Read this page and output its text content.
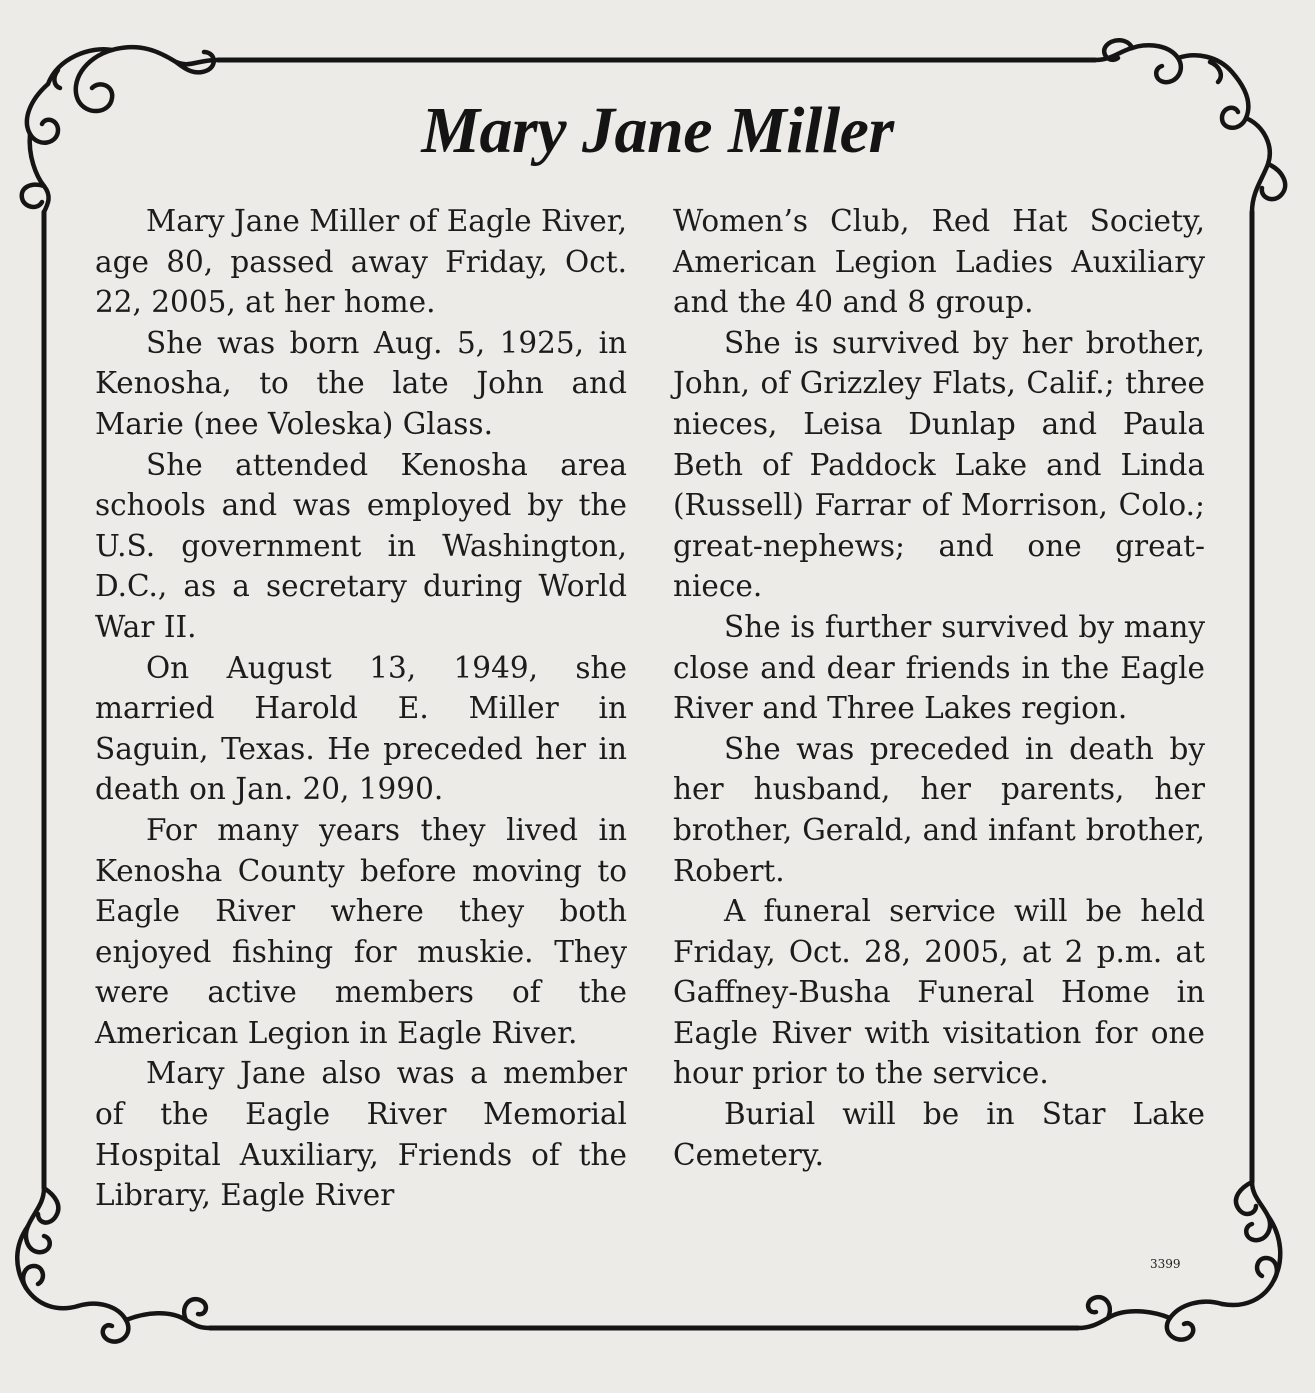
Mary Jane Miller

Mary Jane Miller of Eagle River, age 80, passed away Friday, Oct. 22, 2005, at her home.

She was born Aug. 5, 1925, in Kenosha, to the late John and Marie (nee Voleska) Glass.

She attended Kenosha area schools and was employed by the U.S. government in Washington, D.C., as a secretary during World War II.

On August 13, 1949, she married Harold E. Miller in Saguin, Texas. He preceded her in death on Jan. 20, 1990.

For many years they lived in Kenosha County before moving to Eagle River where they both enjoyed fishing for muskie. They were active members of the American Legion in Eagle River.

Mary Jane also was a member of the Eagle River Memorial Hospital Auxiliary, Friends of the Library, Eagle River

Women’s Club, Red Hat Society, American Legion Ladies Auxiliary and the 40 and 8 group.

She is survived by her brother, John, of Grizzley Flats, Calif.; three nieces, Leisa Dunlap and Paula Beth of Paddock Lake and Linda (Russell) Farrar of Morrison, Colo.; great-nephews; and one great-niece.

She is further survived by many close and dear friends in the Eagle River and Three Lakes region.

She was preceded in death by her husband, her parents, her brother, Gerald, and infant brother, Robert.

A funeral service will be held Friday, Oct. 28, 2005, at 2 p.m. at Gaffney-Busha Funeral Home in Eagle River with visitation for one hour prior to the service.

Burial will be in Star Lake Cemetery.

3399
